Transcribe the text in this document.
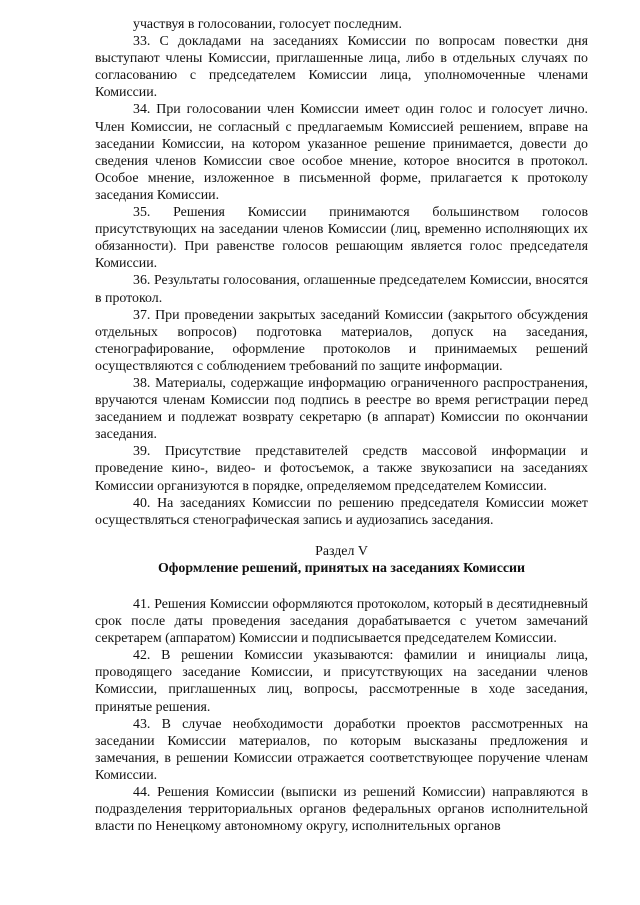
участвуя в голосовании, голосует последним.

33. С докладами на заседаниях Комиссии по вопросам повестки дня выступают члены Комиссии, приглашенные лица, либо в отдельных случаях по согласованию с председателем Комиссии лица, уполномоченные членами Комиссии.

34. При голосовании член Комиссии имеет один голос и голосует лично. Член Комиссии, не согласный с предлагаемым Комиссией решением, вправе на заседании Комиссии, на котором указанное решение принимается, довести до сведения членов Комиссии свое особое мнение, которое вносится в протокол. Особое мнение, изложенное в письменной форме, прилагается к протоколу заседания Комиссии.

35. Решения Комиссии принимаются большинством голосов присутствующих на заседании членов Комиссии (лиц, временно исполняющих их обязанности). При равенстве голосов решающим является голос председателя Комиссии.

36. Результаты голосования, оглашенные председателем Комиссии, вносятся в протокол.

37. При проведении закрытых заседаний Комиссии (закрытого обсуждения отдельных вопросов) подготовка материалов, допуск на заседания, стенографирование, оформление протоколов и принимаемых решений осуществляются с соблюдением требований по защите информации.

38. Материалы, содержащие информацию ограниченного распространения, вручаются членам Комиссии под подпись в реестре во время регистрации перед заседанием и подлежат возврату секретарю (в аппарат) Комиссии по окончании заседания.

39. Присутствие представителей средств массовой информации и проведение кино-, видео- и фотосъемок, а также звукозаписи на заседаниях Комиссии организуются в порядке, определяемом председателем Комиссии.

40. На заседаниях Комиссии по решению председателя Комиссии может осуществляться стенографическая запись и аудиозапись заседания.

Раздел V

Оформление решений, принятых на заседаниях Комиссии

41. Решения Комиссии оформляются протоколом, который в десятидневный срок после даты проведения заседания дорабатывается с учетом замечаний секретарем (аппаратом) Комиссии и подписывается председателем Комиссии.

42. В решении Комиссии указываются: фамилии и инициалы лица, проводящего заседание Комиссии, и присутствующих на заседании членов Комиссии, приглашенных лиц, вопросы, рассмотренные в ходе заседания, принятые решения.

43. В случае необходимости доработки проектов рассмотренных на заседании Комиссии материалов, по которым высказаны предложения и замечания, в решении Комиссии отражается соответствующее поручение членам Комиссии.

44. Решения Комиссии (выписки из решений Комиссии) направляются в подразделения территориальных органов федеральных органов исполнительной власти по Ненецкому автономному округу, исполнительных органов
